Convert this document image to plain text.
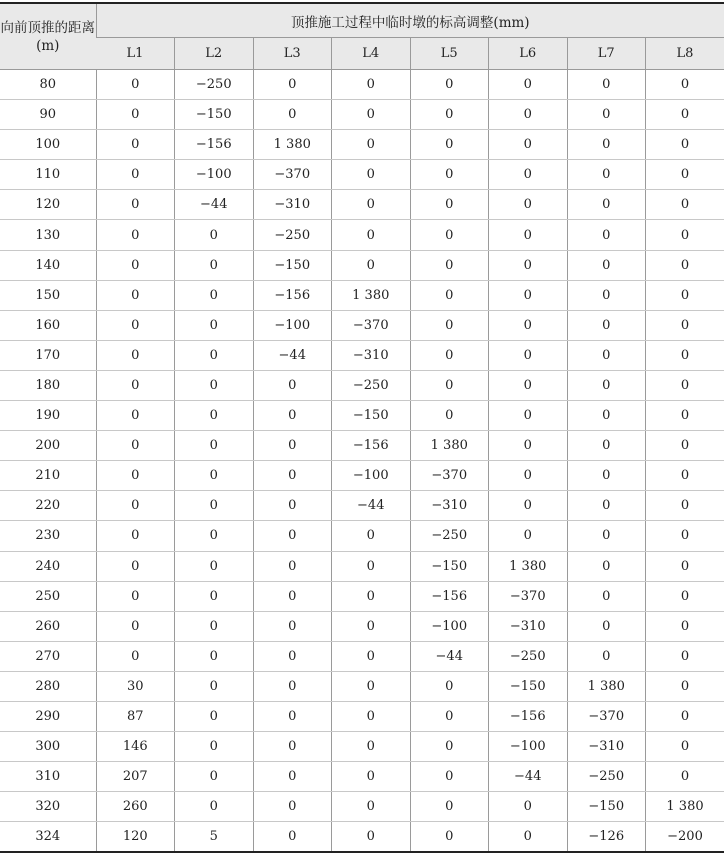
向前顶推的距离(m)	顶推施工过程中临时墩的标高调整(mm)							
	L1	L2	L3	L4	L5	L6	L7	L8
80	0	−250	0	0	0	0	0	0
90	0	−150	0	0	0	0	0	0
100	0	−156	1 380	0	0	0	0	0
110	0	−100	−370	0	0	0	0	0
120	0	−44	−310	0	0	0	0	0
130	0	0	−250	0	0	0	0	0
140	0	0	−150	0	0	0	0	0
150	0	0	−156	1 380	0	0	0	0
160	0	0	−100	−370	0	0	0	0
170	0	0	−44	−310	0	0	0	0
180	0	0	0	−250	0	0	0	0
190	0	0	0	−150	0	0	0	0
200	0	0	0	−156	1 380	0	0	0
210	0	0	0	−100	−370	0	0	0
220	0	0	0	−44	−310	0	0	0
230	0	0	0	0	−250	0	0	0
240	0	0	0	0	−150	1 380	0	0
250	0	0	0	0	−156	−370	0	0
260	0	0	0	0	−100	−310	0	0
270	0	0	0	0	−44	−250	0	0
280	30	0	0	0	0	−150	1 380	0
290	87	0	0	0	0	−156	−370	0
300	146	0	0	0	0	−100	−310	0
310	207	0	0	0	0	−44	−250	0
320	260	0	0	0	0	0	−150	1 380
324	120	5	0	0	0	0	−126	−200
